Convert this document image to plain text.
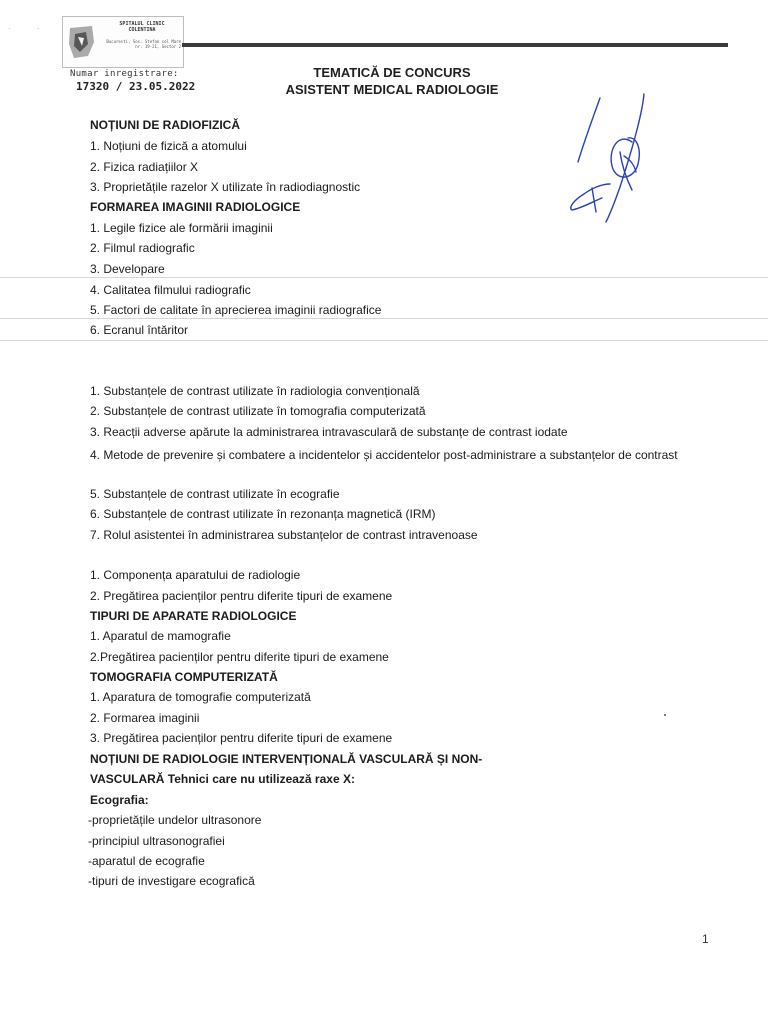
SPITALUL CLINIC
COLENTINA
Bucuresti, Sos. Stefan cel Mare nr. 19-21, Sector 2
Numar inregistrare:
17320 / 23.05.2022
TEMATICĂ DE CONCURS
ASISTENT MEDICAL RADIOLOGIE
· ·
NOȚIUNI DE RADIOFIZICĂ
1. Noțiuni de fizică a atomului
2. Fizica radiațiilor X
3. Proprietățile razelor X utilizate în radiodiagnostic
FORMAREA IMAGINII RADIOLOGICE
1. Legile fizice ale formării imaginii
2. Filmul radiografic
3. Developare
4. Calitatea filmului radiografic
5. Factori de calitate în aprecierea imaginii radiografice
6. Ecranul întăritor
1. Substanțele de contrast utilizate în radiologia convențională
2. Substanțele de contrast utilizate în tomografia computerizată
3. Reacții adverse apărute la administrarea intravasculară de substanțe de contrast iodate
4. Metode de prevenire și combatere a incidentelor și accidentelor post-administrare a substanțelor de contrast
5. Substanțele de contrast utilizate în ecografie
6. Substanțele de contrast utilizate în rezonanța magnetică (IRM)
7. Rolul asistentei în administrarea substanțelor de contrast intravenoase
1. Componența aparatului de radiologie
2. Pregătirea pacienților pentru diferite tipuri de examene
TIPURI DE APARATE RADIOLOGICE
1. Aparatul de mamografie
2.Pregătirea pacienților pentru diferite tipuri de examene
TOMOGRAFIA COMPUTERIZATĂ
1. Aparatura de tomografie computerizată
2. Formarea imaginii
3. Pregătirea pacienților pentru diferite tipuri de examene
NOȚIUNI DE RADIOLOGIE INTERVENȚIONALĂ VASCULARĂ ȘI NON-
VASCULARĂ Tehnici care nu utilizează raxe X:
Ecografia:
-proprietățile undelor ultrasonore
-principiul ultrasonografiei
-aparatul de ecografie
-tipuri de investigare ecografică
1
